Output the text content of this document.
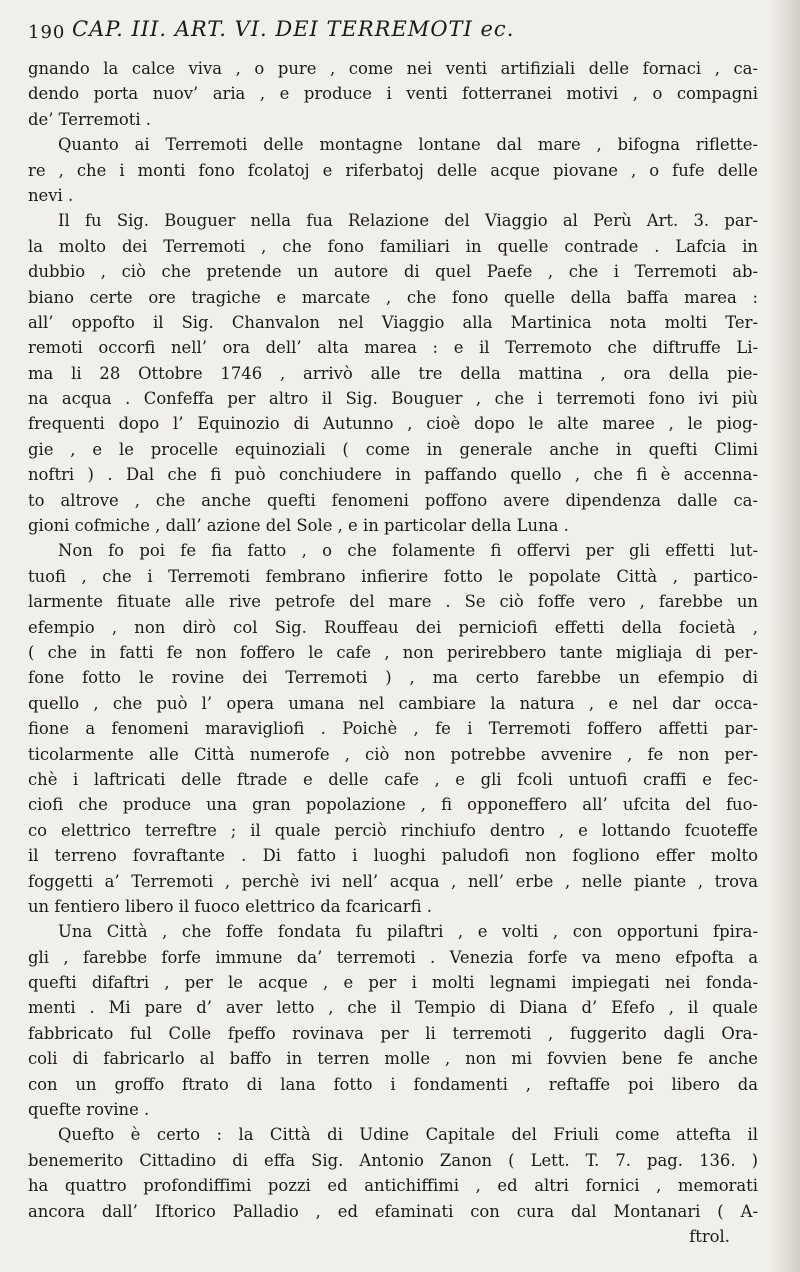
190 CAP. III. ART. VI. DEI TERREMOTI ec.
gnando la calce viva , o pure , come nei venti artifiziali delle fornaci , ca-
dendo porta nuov’ aria , e produce i venti fotterranei motivi , o compagni
de’ Terremoti .
Quanto ai Terremoti delle montagne lontane dal mare , bifogna riflette-
re , che i monti fono fcolatoj e riferbatoj delle acque piovane , o fufe delle
nevi .
Il fu Sig. Bouguer nella fua Relazione del Viaggio al Perù Art. 3. par-
la molto dei Terremoti , che fono familiari in quelle contrade . Lafcia in
dubbio , ciò che pretende un autore di quel Paefe , che i Terremoti ab-
biano certe ore tragiche e marcate , che fono quelle della baffa marea :
all’ oppofto il Sig. Chanvalon nel Viaggio alla Martinica nota molti Ter-
remoti occorfi nell’ ora dell’ alta marea : e il Terremoto che diftruffe Li-
ma li 28 Ottobre 1746 , arrivò alle tre della mattina , ora della pie-
na acqua . Confeffa per altro il Sig. Bouguer , che i terremoti fono ivi più
frequenti dopo l’ Equinozio di Autunno , cioè dopo le alte maree , le piog-
gie , e le procelle equinoziali ( come in generale anche in quefti Climi
noftri ) . Dal che fi può conchiudere in paffando quello , che fi è accenna-
to altrove , che anche quefti fenomeni poffono avere dipendenza dalle ca-
gioni cofmiche , dall’ azione del Sole , e in particolar della Luna .
Non fo poi fe fia fatto , o che folamente fi offervi per gli effetti lut-
tuofi , che i Terremoti fembrano infierire fotto le popolate Città , partico-
larmente fituate alle rive petrofe del mare . Se ciò foffe vero , farebbe un
efempio , non dirò col Sig. Rouffeau dei perniciofi effetti della focietà ,
( che in fatti fe non foffero le cafe , non perirebbero tante migliaja di per-
fone fotto le rovine dei Terremoti ) , ma certo farebbe un efempio di
quello , che può l’ opera umana nel cambiare la natura , e nel dar occa-
fione a fenomeni maravigliofi . Poichè , fe i Terremoti foffero affetti par-
ticolarmente alle Città numerofe , ciò non potrebbe avvenire , fe non per-
chè i laftricati delle ftrade e delle cafe , e gli fcoli untuofi craffi e fec-
ciofi che produce una gran popolazione , fi opponeffero all’ ufcita del fuo-
co elettrico terreftre ; il quale perciò rinchiufo dentro , e lottando fcuoteffe
il terreno fovraftante . Di fatto i luoghi paludofi non fogliono effer molto
foggetti a’ Terremoti , perchè ivi nell’ acqua , nell’ erbe , nelle piante , trova
un fentiero libero il fuoco elettrico da fcaricarfi .
Una Città , che foffe fondata fu pilaftri , e volti , con opportuni fpira-
gli , farebbe forfe immune da’ terremoti . Venezia forfe va meno efpofta a
quefti difaftri , per le acque , e per i molti legnami impiegati nei fonda-
menti . Mi pare d’ aver letto , che il Tempio di Diana d’ Efefo , il quale
fabbricato ful Colle fpeffo rovinava per li terremoti , fuggerito dagli Ora-
coli di fabricarlo al baffo in terren molle , non mi fovvien bene fe anche
con un groffo ftrato di lana fotto i fondamenti , reftaffe poi libero da
quefte rovine .
Quefto è certo : la Città di Udine Capitale del Friuli come attefta il
benemerito Cittadino di effa Sig. Antonio Zanon ( Lett. T. 7. pag. 136. )
ha quattro profondiffimi pozzi ed antichiffimi , ed altri fornici , memorati
ancora dall’ Iftorico Palladio , ed efaminati con cura dal Montanari ( A-
ftrol.
